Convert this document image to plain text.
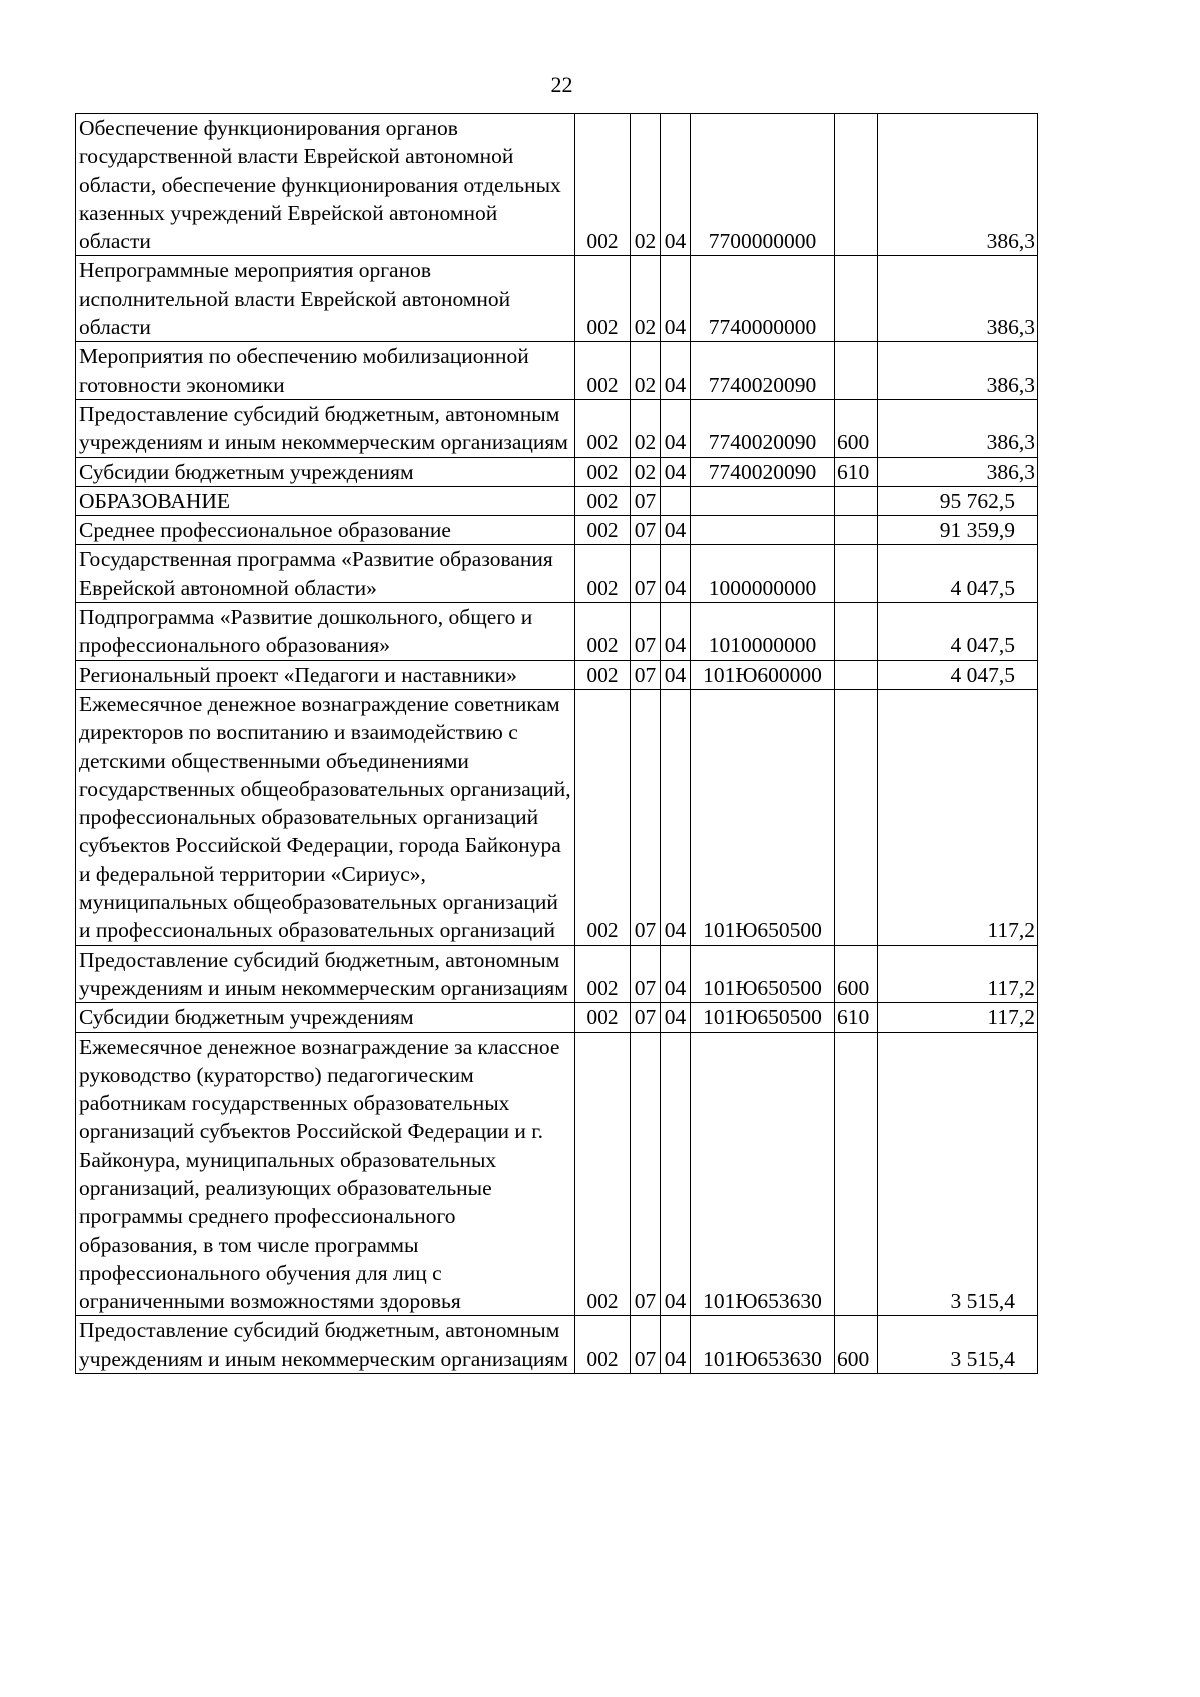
22
Обеспечение функционирования органов государственной власти Еврейской автономной области, обеспечение функционирования отдельных казенных учреждений Еврейской автономной области	002	02	04	7700000000		386,3
Непрограммные мероприятия органов исполнительной власти Еврейской автономной области	002	02	04	7740000000		386,3
Мероприятия по обеспечению мобилизационной готовности экономики	002	02	04	7740020090		386,3
Предоставление субсидий бюджетным, автономным учреждениям и иным некоммерческим организациям	002	02	04	7740020090	600	386,3
Субсидии бюджетным учреждениям	002	02	04	7740020090	610	386,3
ОБРАЗОВАНИЕ	002	07				95 762,5
Среднее профессиональное образование	002	07	04			91 359,9
Государственная программа «Развитие образования Еврейской автономной области»	002	07	04	1000000000		4 047,5
Подпрограмма «Развитие дошкольного, общего и профессионального образования»	002	07	04	1010000000		4 047,5
Региональный проект «Педагоги и наставники»	002	07	04	101Ю600000		4 047,5
Ежемесячное денежное вознаграждение советникам директоров по воспитанию и взаимодействию с детскими общественными объединениями государственных общеобразовательных организаций, профессиональных образовательных организаций субъектов Российской Федерации, города Байконура и федеральной территории «Сириус», муниципальных общеобразовательных организаций и профессиональных образовательных организаций	002	07	04	101Ю650500		117,2
Предоставление субсидий бюджетным, автономным учреждениям и иным некоммерческим организациям	002	07	04	101Ю650500	600	117,2
Субсидии бюджетным учреждениям	002	07	04	101Ю650500	610	117,2
Ежемесячное денежное вознаграждение за классное руководство (кураторство) педагогическим работникам государственных образовательных организаций субъектов Российской Федерации и г. Байконура, муниципальных образовательных организаций, реализующих образовательные программы среднего профессионального образования, в том числе программы профессионального обучения для лиц с ограниченными возможностями здоровья	002	07	04	101Ю653630		3 515,4
Предоставление субсидий бюджетным, автономным учреждениям и иным некоммерческим организациям	002	07	04	101Ю653630	600	3 515,4
